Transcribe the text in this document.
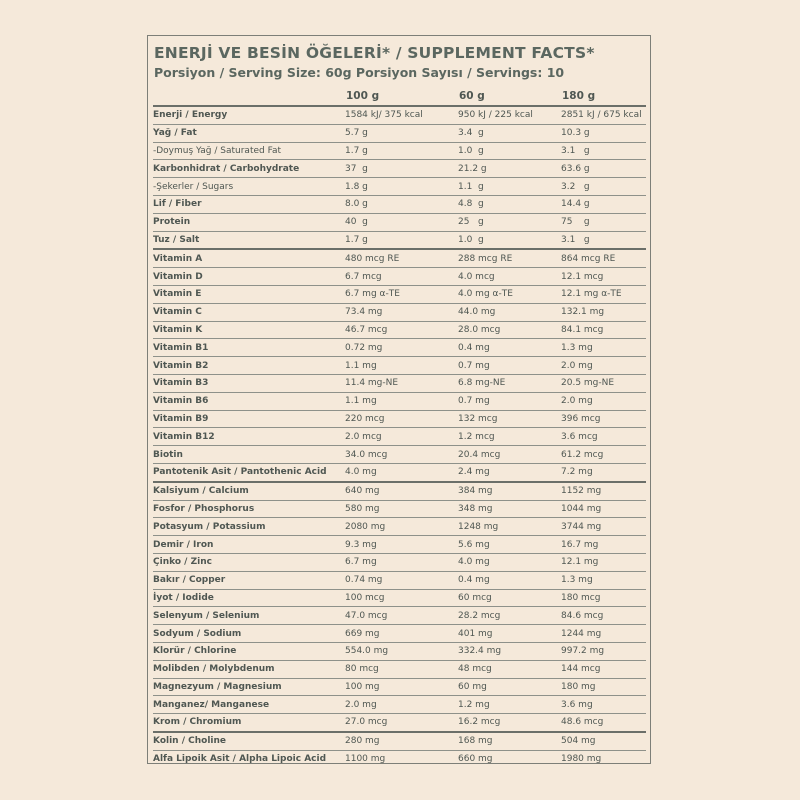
ENERJİ VE BESİN ÖĞELERİ* / SUPPLEMENT FACTS*
Porsiyon / Serving Size: 60g Porsiyon Sayısı / Servings: 10
100 g	60 g	180 g
Enerji / Energy	1584 kJ/ 375 kcal	950 kJ / 225 kcal	2851 kJ / 675 kcal
Yağ / Fat	5.7 g	3.4  g	10.3 g
-Doymuş Yağ / Saturated Fat	1.7 g	1.0  g	3.1   g
Karbonhidrat / Carbohydrate	37  g	21.2 g	63.6 g
-Şekerler / Sugars	1.8 g	1.1  g	3.2   g
Lif / Fiber	8.0 g	4.8  g	14.4 g
Protein	40  g	25   g	75    g
Tuz / Salt	1.7 g	1.0  g	3.1   g
Vitamin A	480 mcg RE	288 mcg RE	864 mcg RE
Vitamin D	6.7 mcg	4.0 mcg	12.1 mcg
Vitamin E	6.7 mg α-TE	4.0 mg α-TE	12.1 mg α-TE
Vitamin C	73.4 mg	44.0 mg	132.1 mg
Vitamin K	46.7 mcg	28.0 mcg	84.1 mcg
Vitamin B1	0.72 mg	0.4 mg	1.3 mg
Vitamin B2	1.1 mg	0.7 mg	2.0 mg
Vitamin B3	11.4 mg-NE	6.8 mg-NE	20.5 mg-NE
Vitamin B6	1.1 mg	0.7 mg	2.0 mg
Vitamin B9	220 mcg	132 mcg	396 mcg
Vitamin B12	2.0 mcg	1.2 mcg	3.6 mcg
Biotin	34.0 mcg	20.4 mcg	61.2 mcg
Pantotenik Asit / Pantothenic Acid	4.0 mg	2.4 mg	7.2 mg
Kalsiyum / Calcium	640 mg	384 mg	1152 mg
Fosfor / Phosphorus	580 mg	348 mg	1044 mg
Potasyum / Potassium	2080 mg	1248 mg	3744 mg
Demir / Iron	9.3 mg	5.6 mg	16.7 mg
Çinko / Zinc	6.7 mg	4.0 mg	12.1 mg
Bakır / Copper	0.74 mg	0.4 mg	1.3 mg
İyot / Iodide	100 mcg	60 mcg	180 mcg
Selenyum / Selenium	47.0 mcg	28.2 mcg	84.6 mcg
Sodyum / Sodium	669 mg	401 mg	1244 mg
Klorür / Chlorine	554.0 mg	332.4 mg	997.2 mg
Molibden / Molybdenum	80 mcg	48 mcg	144 mcg
Magnezyum / Magnesium	100 mg	60 mg	180 mg
Manganez/ Manganese	2.0 mg	1.2 mg	3.6 mg
Krom / Chromium	27.0 mcg	16.2 mcg	48.6 mcg
Kolin / Choline	280 mg	168 mg	504 mg
Alfa Lipoik Asit / Alpha Lipoic Acid	1100 mg	660 mg	1980 mg
